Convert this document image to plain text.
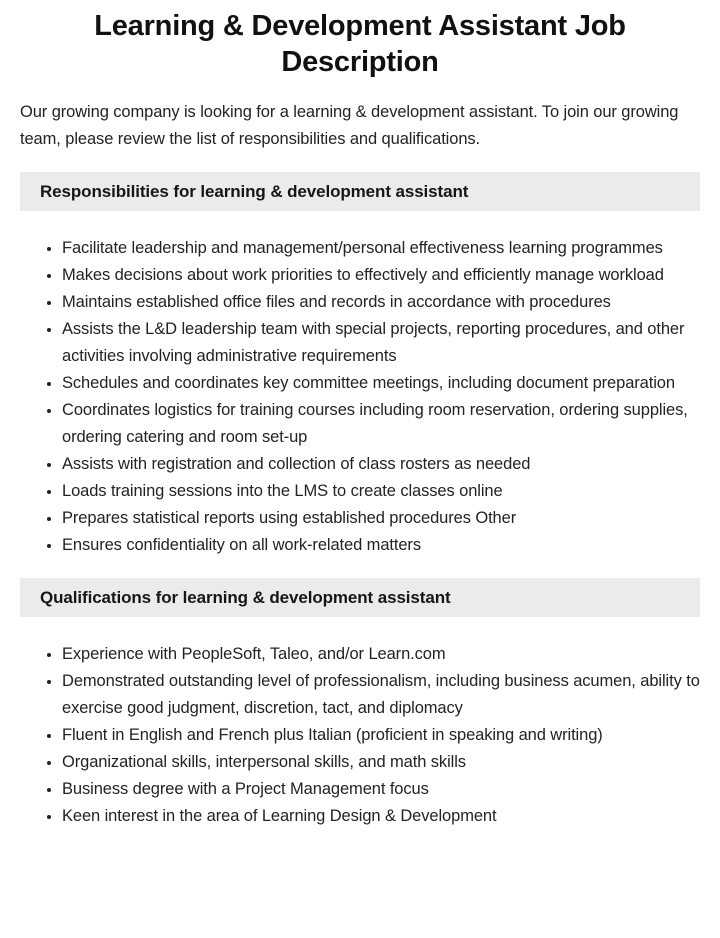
Learning & Development Assistant Job Description

Our growing company is looking for a learning & development assistant. To join our growing team, please review the list of responsibilities and qualifications.

Responsibilities for learning & development assistant
• Facilitate leadership and management/personal effectiveness learning programmes
• Makes decisions about work priorities to effectively and efficiently manage workload
• Maintains established office files and records in accordance with procedures
• Assists the L&D leadership team with special projects, reporting procedures, and other activities involving administrative requirements
• Schedules and coordinates key committee meetings, including document preparation
• Coordinates logistics for training courses including room reservation, ordering supplies, ordering catering and room set-up
• Assists with registration and collection of class rosters as needed
• Loads training sessions into the LMS to create classes online
• Prepares statistical reports using established procedures Other
• Ensures confidentiality on all work-related matters
Qualifications for learning & development assistant
• Experience with PeopleSoft, Taleo, and/or Learn.com
• Demonstrated outstanding level of professionalism, including business acumen, ability to exercise good judgment, discretion, tact, and diplomacy
• Fluent in English and French plus Italian (proficient in speaking and writing)
• Organizational skills, interpersonal skills, and math skills
• Business degree with a Project Management focus
• Keen interest in the area of Learning Design & Development
